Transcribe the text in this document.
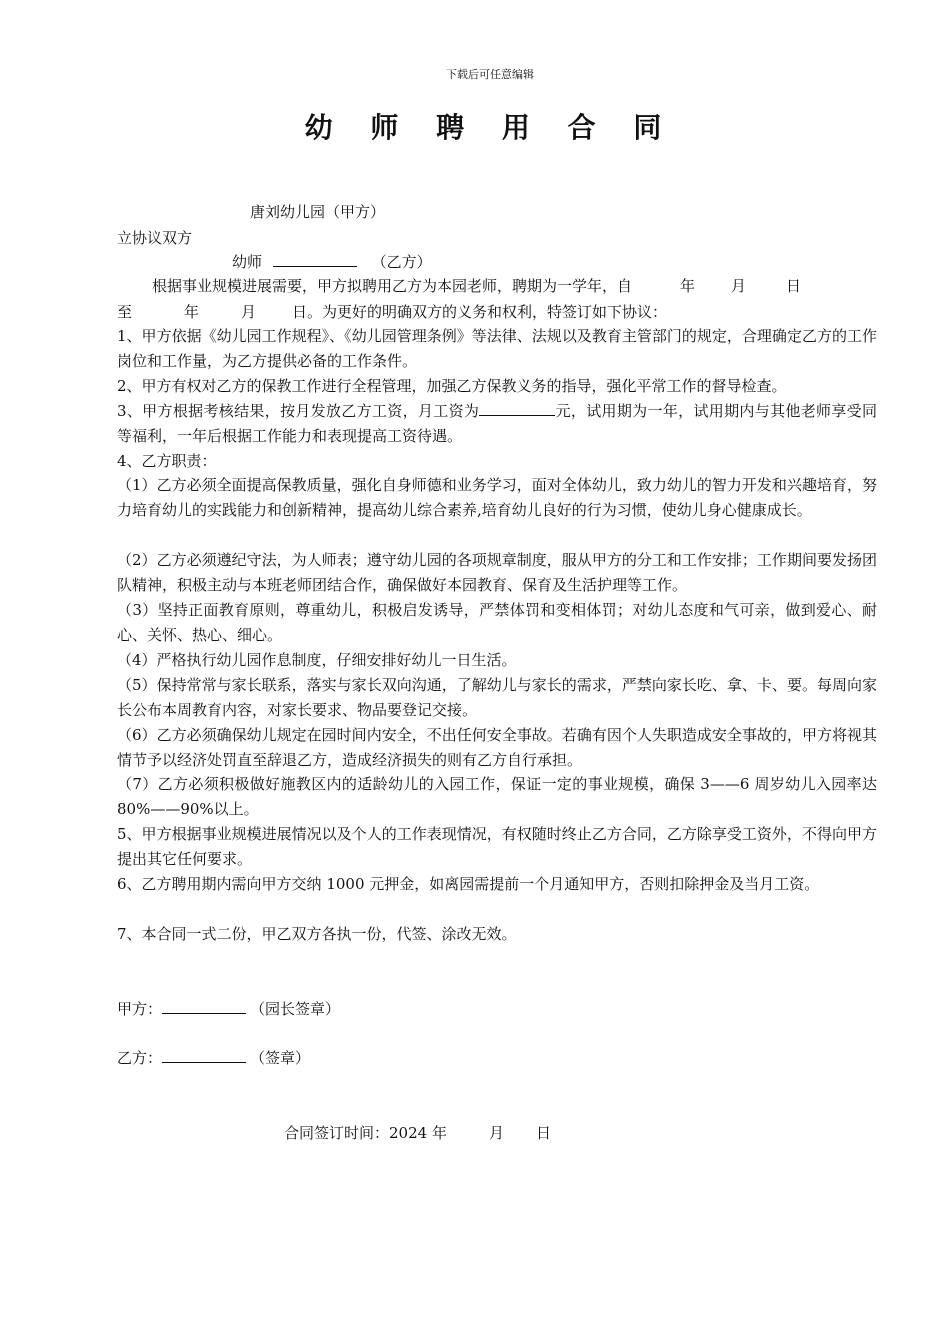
下载后可任意编辑
幼 师 聘 用 合 同
唐刘幼儿园（甲方）
立协议双方
幼师	（乙方）
根据事业规模进展需要，甲方拟聘用乙方为本园老师，聘期为一学年，自	年 月	日
至	年	月 日。为更好的明确双方的义务和权利，特签订如下协议：
1、甲方依据《幼儿园工作规程》、《幼儿园管理条例》等法律、法规以及教育主管部门的规定，合理确定乙方的工作岗位和工作量，为乙方提供必备的工作条件。
2、甲方有权对乙方的保教工作进行全程管理，加强乙方保教义务的指导，强化平常工作的督导检查。
3、甲方根据考核结果，按月发放乙方工资，月工资为	元，试用期为一年，试用期内与其他老师享受同等福利，一年后根据工作能力和表现提高工资待遇。
4、乙方职责：
（1）乙方必须全面提高保教质量，强化自身师德和业务学习，面对全体幼儿，致力幼儿的智力开发和兴趣培育，努力培育幼儿的实践能力和创新精神，提高幼儿综合素养,培育幼儿良好的行为习惯，使幼儿身心健康成长。
（2）乙方必须遵纪守法，为人师表；遵守幼儿园的各项规章制度，服从甲方的分工和工作安排；工作期间要发扬团队精神，积极主动与本班老师团结合作，确保做好本园教育、保育及生活护理等工作。
（3）坚持正面教育原则，尊重幼儿，积极启发诱导，严禁体罚和变相体罚；对幼儿态度和气可亲，做到爱心、耐心、关怀、热心、细心。
（4）严格执行幼儿园作息制度，仔细安排好幼儿一日生活。
（5）保持常常与家长联系，落实与家长双向沟通，了解幼儿与家长的需求，严禁向家长吃、拿、卡、要。每周向家长公布本周教育内容，对家长要求、物品要登记交接。
（6）乙方必须确保幼儿规定在园时间内安全，不出任何安全事故。若确有因个人失职造成安全事故的，甲方将视其情节予以经济处罚直至辞退乙方，造成经济损失的则有乙方自行承担。
（7）乙方必须积极做好施教区内的适龄幼儿的入园工作，保证一定的事业规模，确保 3——6 周岁幼儿入园率达 80%——90%以上。
5、甲方根据事业规模进展情况以及个人的工作表现情况，有权随时终止乙方合同，乙方除享受工资外，不得向甲方提出其它任何要求。
6、乙方聘用期内需向甲方交纳 1000 元押金，如离园需提前一个月通知甲方，否则扣除押金及当月工资。
7、本合同一式二份，甲乙双方各执一份，代签、涂改无效。
甲方：	（园长签章）
乙方：	（签章）
合同签订时间：2024 年	月 日
